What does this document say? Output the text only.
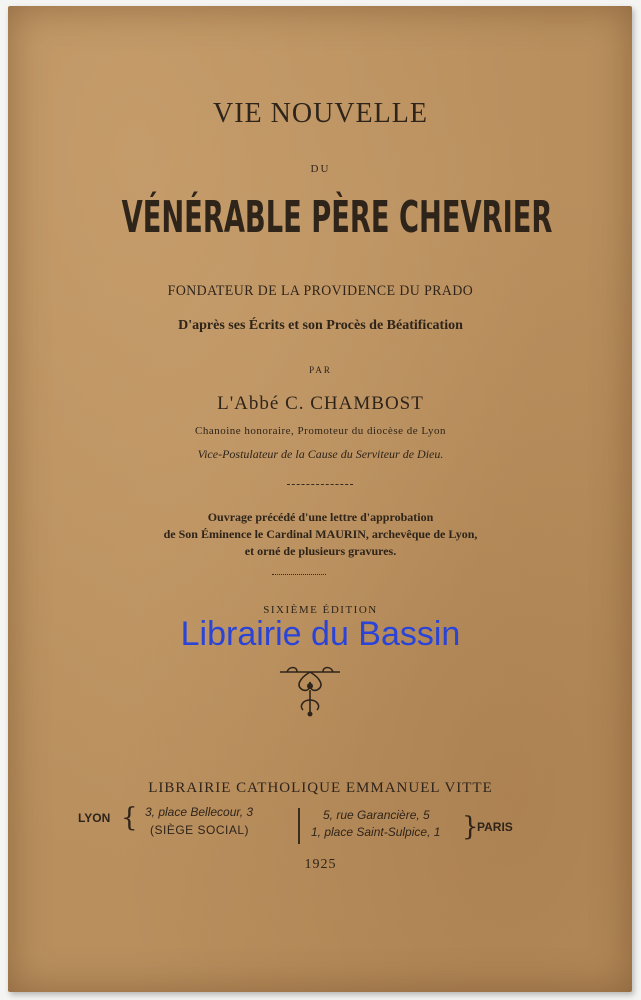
VIE NOUVELLE
DU
VÉNÉRABLE PÈRE CHEVRIER
FONDATEUR DE LA PROVIDENCE DU PRADO
D'après ses Écrits et son Procès de Béatification
PAR
L'Abbé C. CHAMBOST
Chanoine honoraire, Promoteur du diocèse de Lyon
Vice-Postulateur de la Cause du Serviteur de Dieu.
Ouvrage précédé d'une lettre d'approbation
de Son Éminence le Cardinal MAURIN, archevêque de Lyon,
et orné de plusieurs gravures.
SIXIÈME ÉDITION
Librairie du Bassin
LIBRAIRIE CATHOLIQUE EMMANUEL VITTE
LYON { 3, place Bellecour, 3
(SIÈGE SOCIAL)
5, rue Garancière, 5
1, place Saint-Sulpice, 1 }
PARIS
1925
